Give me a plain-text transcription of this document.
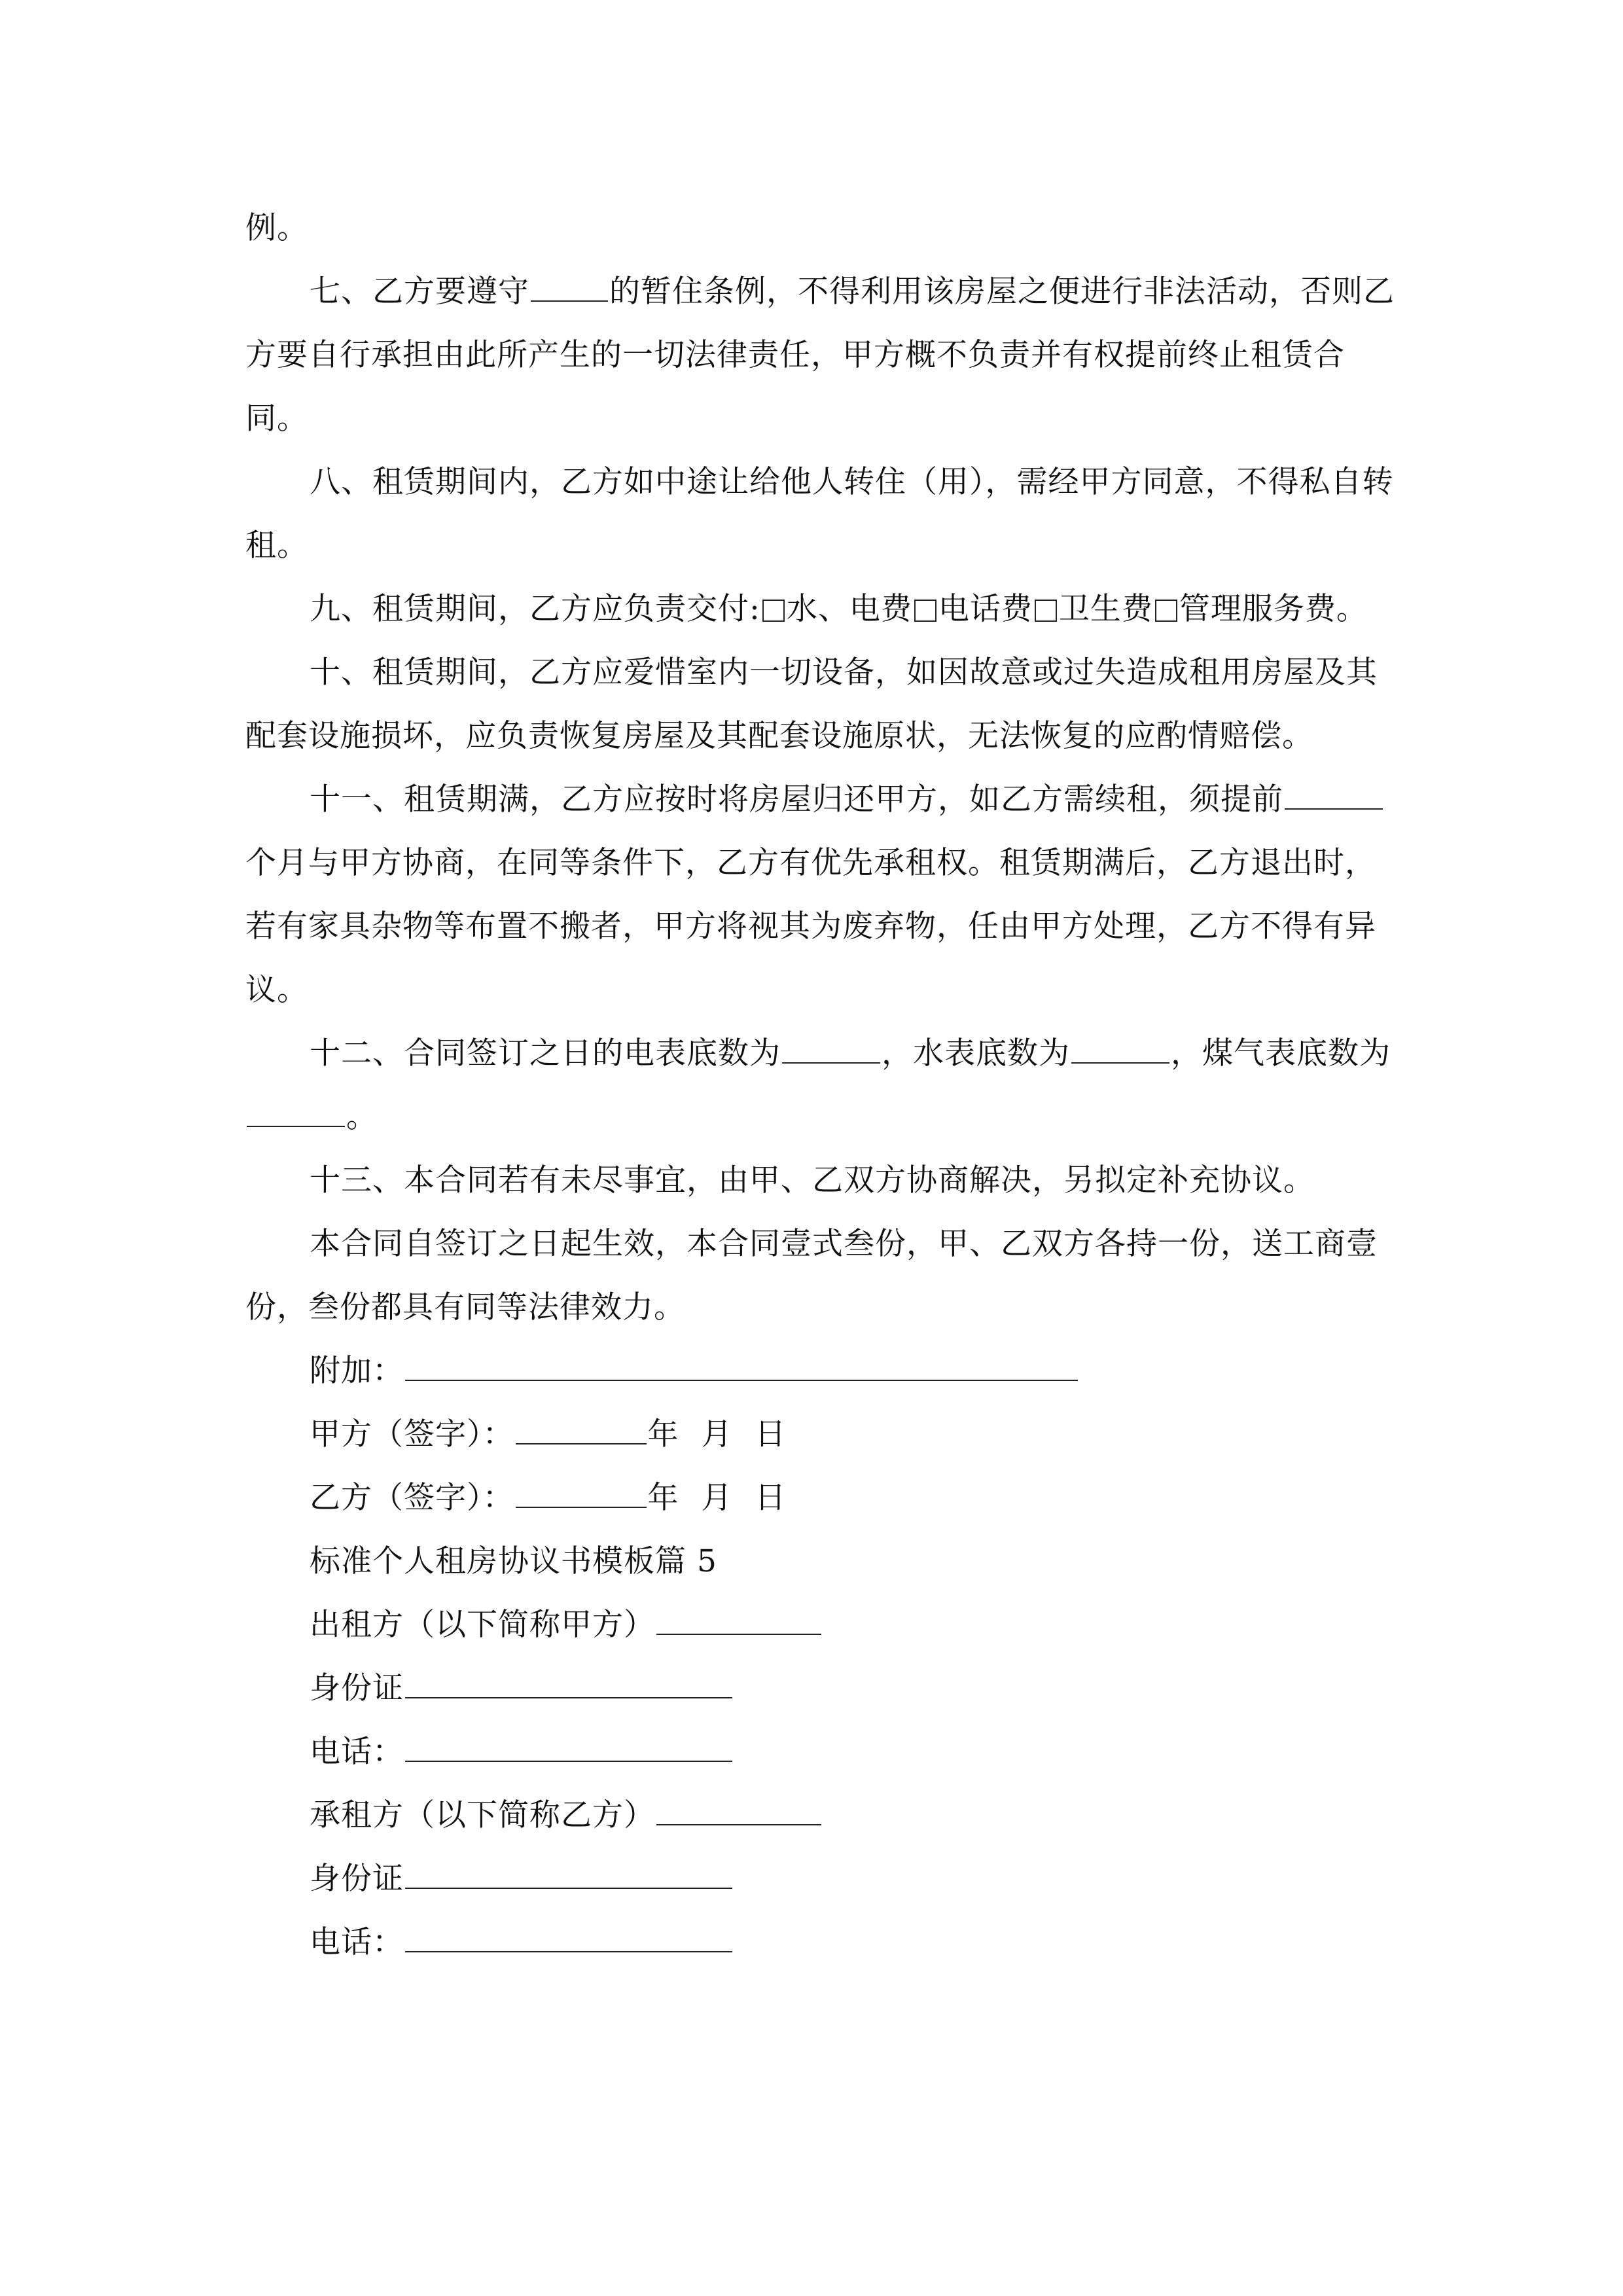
例。

七、乙方要遵守	的暂住条例，不得利用该房屋之便进行非法活动，否则乙方要自行承担由此所产生的一切法律责任，甲方概不负责并有权提前终止租赁合同。

八、租赁期间内，乙方如中途让给他人转住（用），需经甲方同意，不得私自转租。

九、租赁期间，乙方应负责交付: 水、电费 电话费 卫生费 管理服务费。

十、租赁期间，乙方应爱惜室内一切设备，如因故意或过失造成租用房屋及其配套设施损坏，应负责恢复房屋及其配套设施原状，无法恢复的应酌情赔偿。

十一、租赁期满，乙方应按时将房屋归还甲方，如乙方需续租，须提前个月与甲方协商，在同等条件下，乙方有优先承租权。租赁期满后，乙方退出时，若有家具杂物等布置不搬者，甲方将视其为废弃物，任由甲方处理，乙方不得有异议。

十二、合同签订之日的电表底数为	，水表底数为	，煤气表底数为。

十三、本合同若有未尽事宜，由甲、乙双方协商解决，另拟定补充协议。

本合同自签订之日起生效，本合同壹式叁份，甲、乙双方各持一份，送工商壹份，叁份都具有同等法律效力。

附加：

甲方（签字）：	年 月 日

乙方（签字）：	年 月 日

标准个人租房协议书模板篇 5

出租方（以下简称甲方）

身份证

电话：

承租方（以下简称乙方）

身份证

电话：
